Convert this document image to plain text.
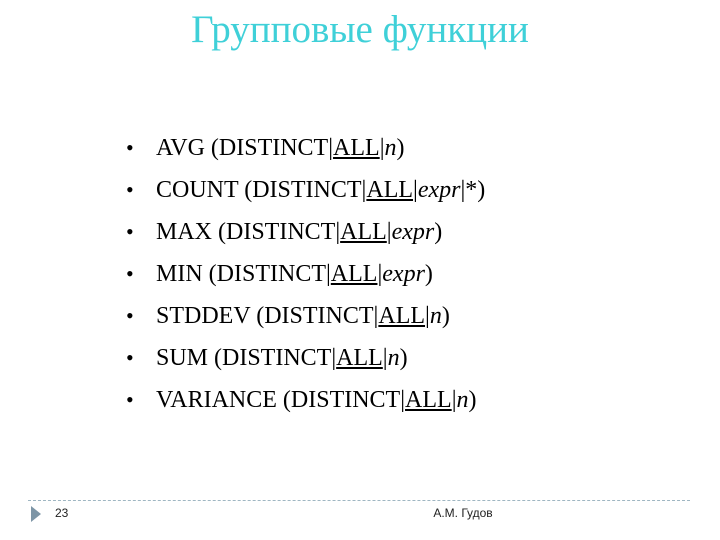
Групповые функции
• AVG (DISTINCT|ALL|n)
• COUNT (DISTINCT|ALL|expr|*)
• MAX (DISTINCT|ALL|expr)
• MIN (DISTINCT|ALL|expr)
• STDDEV (DISTINCT|ALL|n)
• SUM (DISTINCT|ALL|n)
• VARIANCE (DISTINCT|ALL|n)
23	А.М. Гудов
